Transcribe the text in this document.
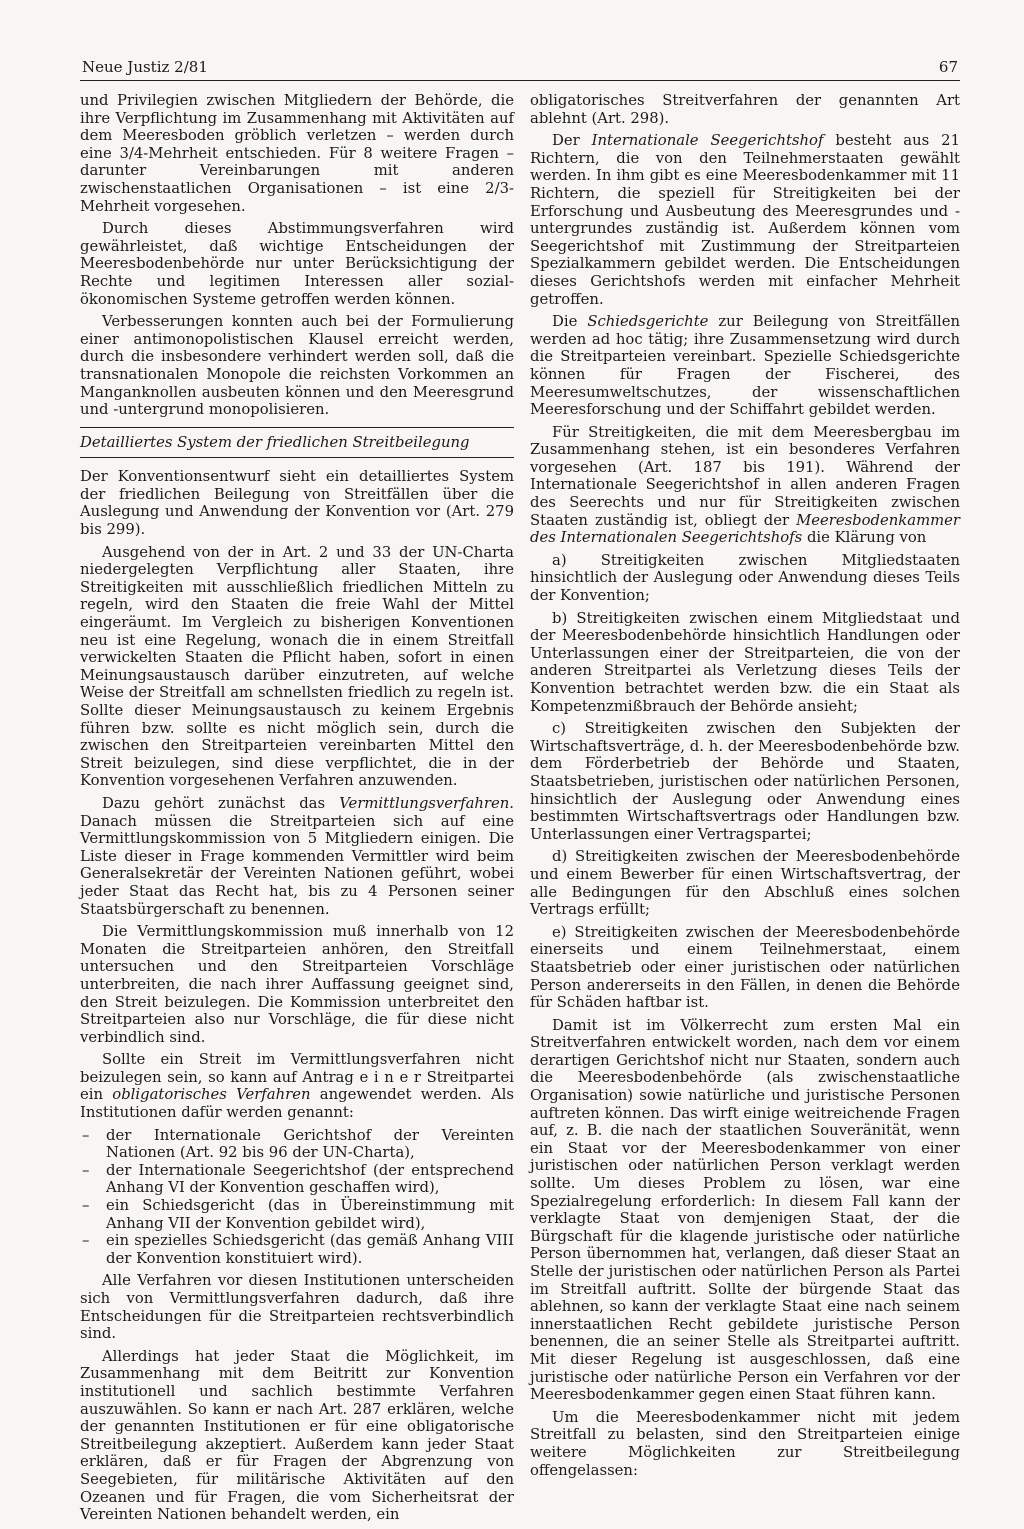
Neue Justiz 2/81	67

und Privilegien zwischen Mitgliedern der Behörde, die ihre Verpflichtung im Zusammenhang mit Aktivitäten auf dem Meeresboden gröblich verletzen – werden durch eine 3/4-Mehrheit entschieden. Für 8 weitere Fragen – darunter Vereinbarungen mit anderen zwischenstaatlichen Organisationen – ist eine 2/3-Mehrheit vorgesehen.

Durch dieses Abstimmungsverfahren wird gewährleistet, daß wichtige Entscheidungen der Meeresbodenbehörde nur unter Berücksichtigung der Rechte und legitimen Interessen aller sozial-ökonomischen Systeme getroffen werden können.

Verbesserungen konnten auch bei der Formulierung einer antimonopolistischen Klausel erreicht werden, durch die insbesondere verhindert werden soll, daß die transnationalen Monopole die reichsten Vorkommen an Manganknollen ausbeuten können und den Meeresgrund und -untergrund monopolisieren.

Detailliertes System der friedlichen Streitbeilegung

Der Konventionsentwurf sieht ein detailliertes System der friedlichen Beilegung von Streitfällen über die Auslegung und Anwendung der Konvention vor (Art. 279 bis 299).

Ausgehend von der in Art. 2 und 33 der UN-Charta niedergelegten Verpflichtung aller Staaten, ihre Streitigkeiten mit ausschließlich friedlichen Mitteln zu regeln, wird den Staaten die freie Wahl der Mittel eingeräumt. Im Vergleich zu bisherigen Konventionen neu ist eine Regelung, wonach die in einem Streitfall verwickelten Staaten die Pflicht haben, sofort in einen Meinungsaustausch darüber einzutreten, auf welche Weise der Streitfall am schnellsten friedlich zu regeln ist. Sollte dieser Meinungsaustausch zu keinem Ergebnis führen bzw. sollte es nicht möglich sein, durch die zwischen den Streitparteien vereinbarten Mittel den Streit beizulegen, sind diese verpflichtet, die in der Konvention vorgesehenen Verfahren anzuwenden.

Dazu gehört zunächst das Vermittlungsverfahren. Danach müssen die Streitparteien sich auf eine Vermittlungskommission von 5 Mitgliedern einigen. Die Liste dieser in Frage kommenden Vermittler wird beim Generalsekretär der Vereinten Nationen geführt, wobei jeder Staat das Recht hat, bis zu 4 Personen seiner Staatsbürgerschaft zu benennen.

Die Vermittlungskommission muß innerhalb von 12 Monaten die Streitparteien anhören, den Streitfall untersuchen und den Streitparteien Vorschläge unterbreiten, die nach ihrer Auffassung geeignet sind, den Streit beizulegen. Die Kommission unterbreitet den Streitparteien also nur Vorschläge, die für diese nicht verbindlich sind.

Sollte ein Streit im Vermittlungsverfahren nicht beizulegen sein, so kann auf Antrag e i n e r Streitpartei ein obligatorisches Verfahren angewendet werden. Als Institutionen dafür werden genannt:

– der Internationale Gerichtshof der Vereinten Nationen (Art. 92 bis 96 der UN-Charta),
– der Internationale Seegerichtshof (der entsprechend Anhang VI der Konvention geschaffen wird),
– ein Schiedsgericht (das in Übereinstimmung mit Anhang VII der Konvention gebildet wird),
– ein spezielles Schiedsgericht (das gemäß Anhang VIII der Konvention konstituiert wird).

Alle Verfahren vor diesen Institutionen unterscheiden sich von Vermittlungsverfahren dadurch, daß ihre Entscheidungen für die Streitparteien rechtsverbindlich sind.

Allerdings hat jeder Staat die Möglichkeit, im Zusammenhang mit dem Beitritt zur Konvention institutionell und sachlich bestimmte Verfahren auszuwählen. So kann er nach Art. 287 erklären, welche der genannten Institutionen er für eine obligatorische Streitbeilegung akzeptiert. Außerdem kann jeder Staat erklären, daß er für Fragen der Abgrenzung von Seegebieten, für militärische Aktivitäten auf den Ozeanen und für Fragen, die vom Sicherheitsrat der Vereinten Nationen behandelt werden, ein

obligatorisches Streitverfahren der genannten Art ablehnt (Art. 298).

Der Internationale Seegerichtshof besteht aus 21 Richtern, die von den Teilnehmerstaaten gewählt werden. In ihm gibt es eine Meeresbodenkammer mit 11 Richtern, die speziell für Streitigkeiten bei der Erforschung und Ausbeutung des Meeresgrundes und -untergrundes zuständig ist. Außerdem können vom Seegerichtshof mit Zustimmung der Streitparteien Spezialkammern gebildet werden. Die Entscheidungen dieses Gerichtshofs werden mit einfacher Mehrheit getroffen.

Die Schiedsgerichte zur Beilegung von Streitfällen werden ad hoc tätig; ihre Zusammensetzung wird durch die Streitparteien vereinbart. Spezielle Schiedsgerichte können für Fragen der Fischerei, des Meeresumweltschutzes, der wissenschaftlichen Meeresforschung und der Schiffahrt gebildet werden.

Für Streitigkeiten, die mit dem Meeresbergbau im Zusammenhang stehen, ist ein besonderes Verfahren vorgesehen (Art. 187 bis 191). Während der Internationale Seegerichtshof in allen anderen Fragen des Seerechts und nur für Streitigkeiten zwischen Staaten zuständig ist, obliegt der Meeresbodenkammer des Internationalen Seegerichtshofs die Klärung von

a) Streitigkeiten zwischen Mitgliedstaaten hinsichtlich der Auslegung oder Anwendung dieses Teils der Konvention;

b) Streitigkeiten zwischen einem Mitgliedstaat und der Meeresbodenbehörde hinsichtlich Handlungen oder Unterlassungen einer der Streitparteien, die von der anderen Streitpartei als Verletzung dieses Teils der Konvention betrachtet werden bzw. die ein Staat als Kompetenzmißbrauch der Behörde ansieht;

c) Streitigkeiten zwischen den Subjekten der Wirtschaftsverträge, d. h. der Meeresbodenbehörde bzw. dem Förderbetrieb der Behörde und Staaten, Staatsbetrieben, juristischen oder natürlichen Personen, hinsichtlich der Auslegung oder Anwendung eines bestimmten Wirtschaftsvertrags oder Handlungen bzw. Unterlassungen einer Vertragspartei;

d) Streitigkeiten zwischen der Meeresbodenbehörde und einem Bewerber für einen Wirtschaftsvertrag, der alle Bedingungen für den Abschluß eines solchen Vertrags erfüllt;

e) Streitigkeiten zwischen der Meeresbodenbehörde einerseits und einem Teilnehmerstaat, einem Staatsbetrieb oder einer juristischen oder natürlichen Person andererseits in den Fällen, in denen die Behörde für Schäden haftbar ist.

Damit ist im Völkerrecht zum ersten Mal ein Streitverfahren entwickelt worden, nach dem vor einem derartigen Gerichtshof nicht nur Staaten, sondern auch die Meeresbodenbehörde (als zwischenstaatliche Organisation) sowie natürliche und juristische Personen auftreten können. Das wirft einige weitreichende Fragen auf, z. B. die nach der staatlichen Souveränität, wenn ein Staat vor der Meeresbodenkammer von einer juristischen oder natürlichen Person verklagt werden sollte. Um dieses Problem zu lösen, war eine Spezialregelung erforderlich: In diesem Fall kann der verklagte Staat von demjenigen Staat, der die Bürgschaft für die klagende juristische oder natürliche Person übernommen hat, verlangen, daß dieser Staat an Stelle der juristischen oder natürlichen Person als Partei im Streitfall auftritt. Sollte der bürgende Staat das ablehnen, so kann der verklagte Staat eine nach seinem innerstaatlichen Recht gebildete juristische Person benennen, die an seiner Stelle als Streitpartei auftritt. Mit dieser Regelung ist ausgeschlossen, daß eine juristische oder natürliche Person ein Verfahren vor der Meeresbodenkammer gegen einen Staat führen kann.

Um die Meeresbodenkammer nicht mit jedem Streitfall zu belasten, sind den Streitparteien einige weitere Möglichkeiten zur Streitbeilegung offengelassen:
